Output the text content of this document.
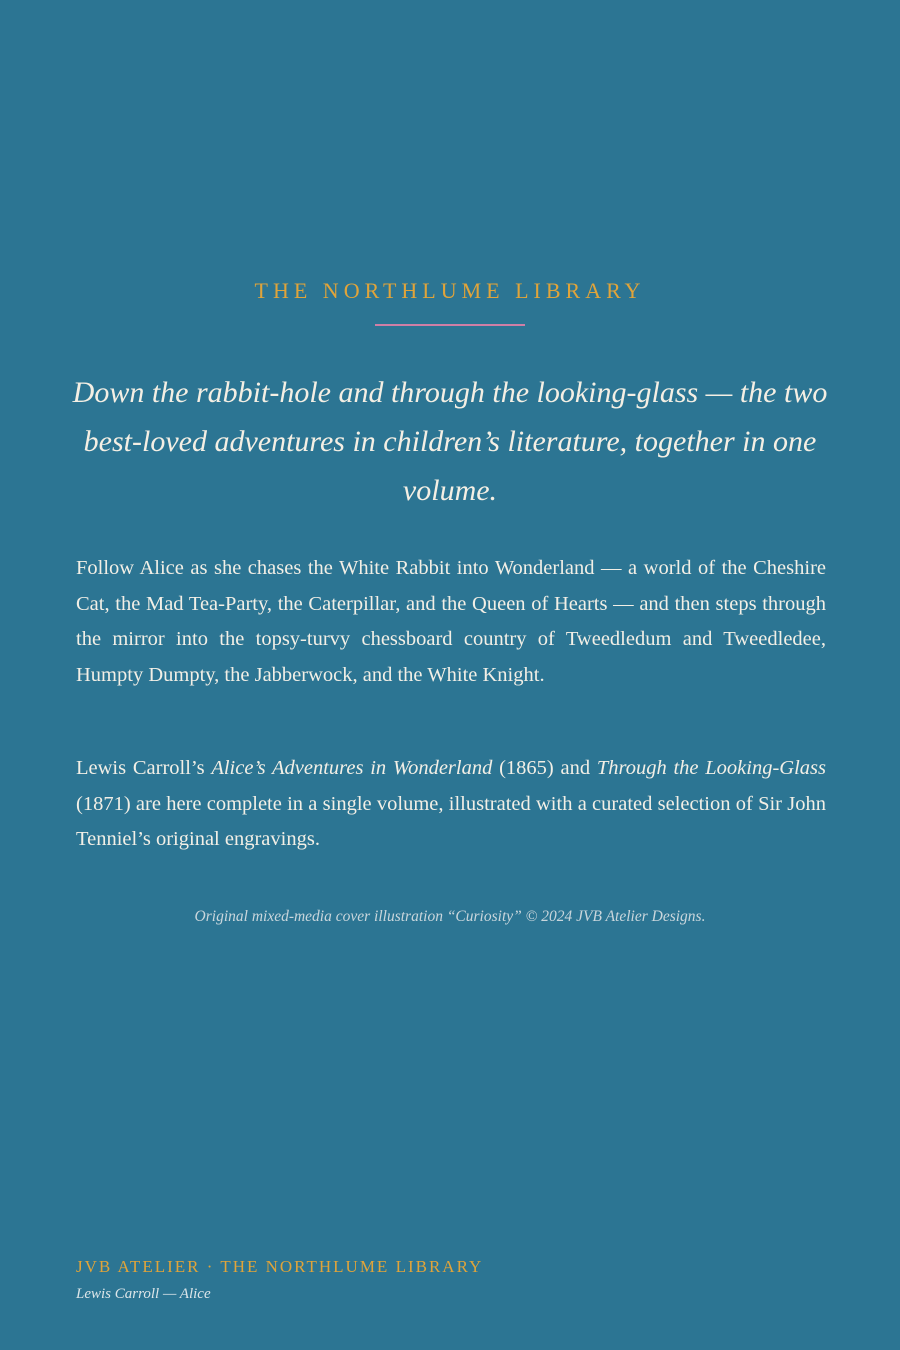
THE NORTHLUME LIBRARY
Down the rabbit-hole and through the looking-glass — the two best-loved adventures in children’s literature, together in one volume.

Follow Alice as she chases the White Rabbit into Wonderland — a world of the Cheshire Cat, the Mad Tea-Party, the Caterpillar, and the Queen of Hearts — and then steps through the mirror into the topsy-turvy chessboard country of Tweedledum and Tweedledee, Humpty Dumpty, the Jabberwock, and the White Knight.

Lewis Carroll’s Alice’s Adventures in Wonderland (1865) and Through the Looking-Glass (1871) are here complete in a single volume, illustrated with a curated selection of Sir John Tenniel’s original engravings.

Original mixed-media cover illustration “Curiosity” © 2024 JVB Atelier Designs.
JVB ATELIER · THE NORTHLUME LIBRARY
Lewis Carroll — Alice
